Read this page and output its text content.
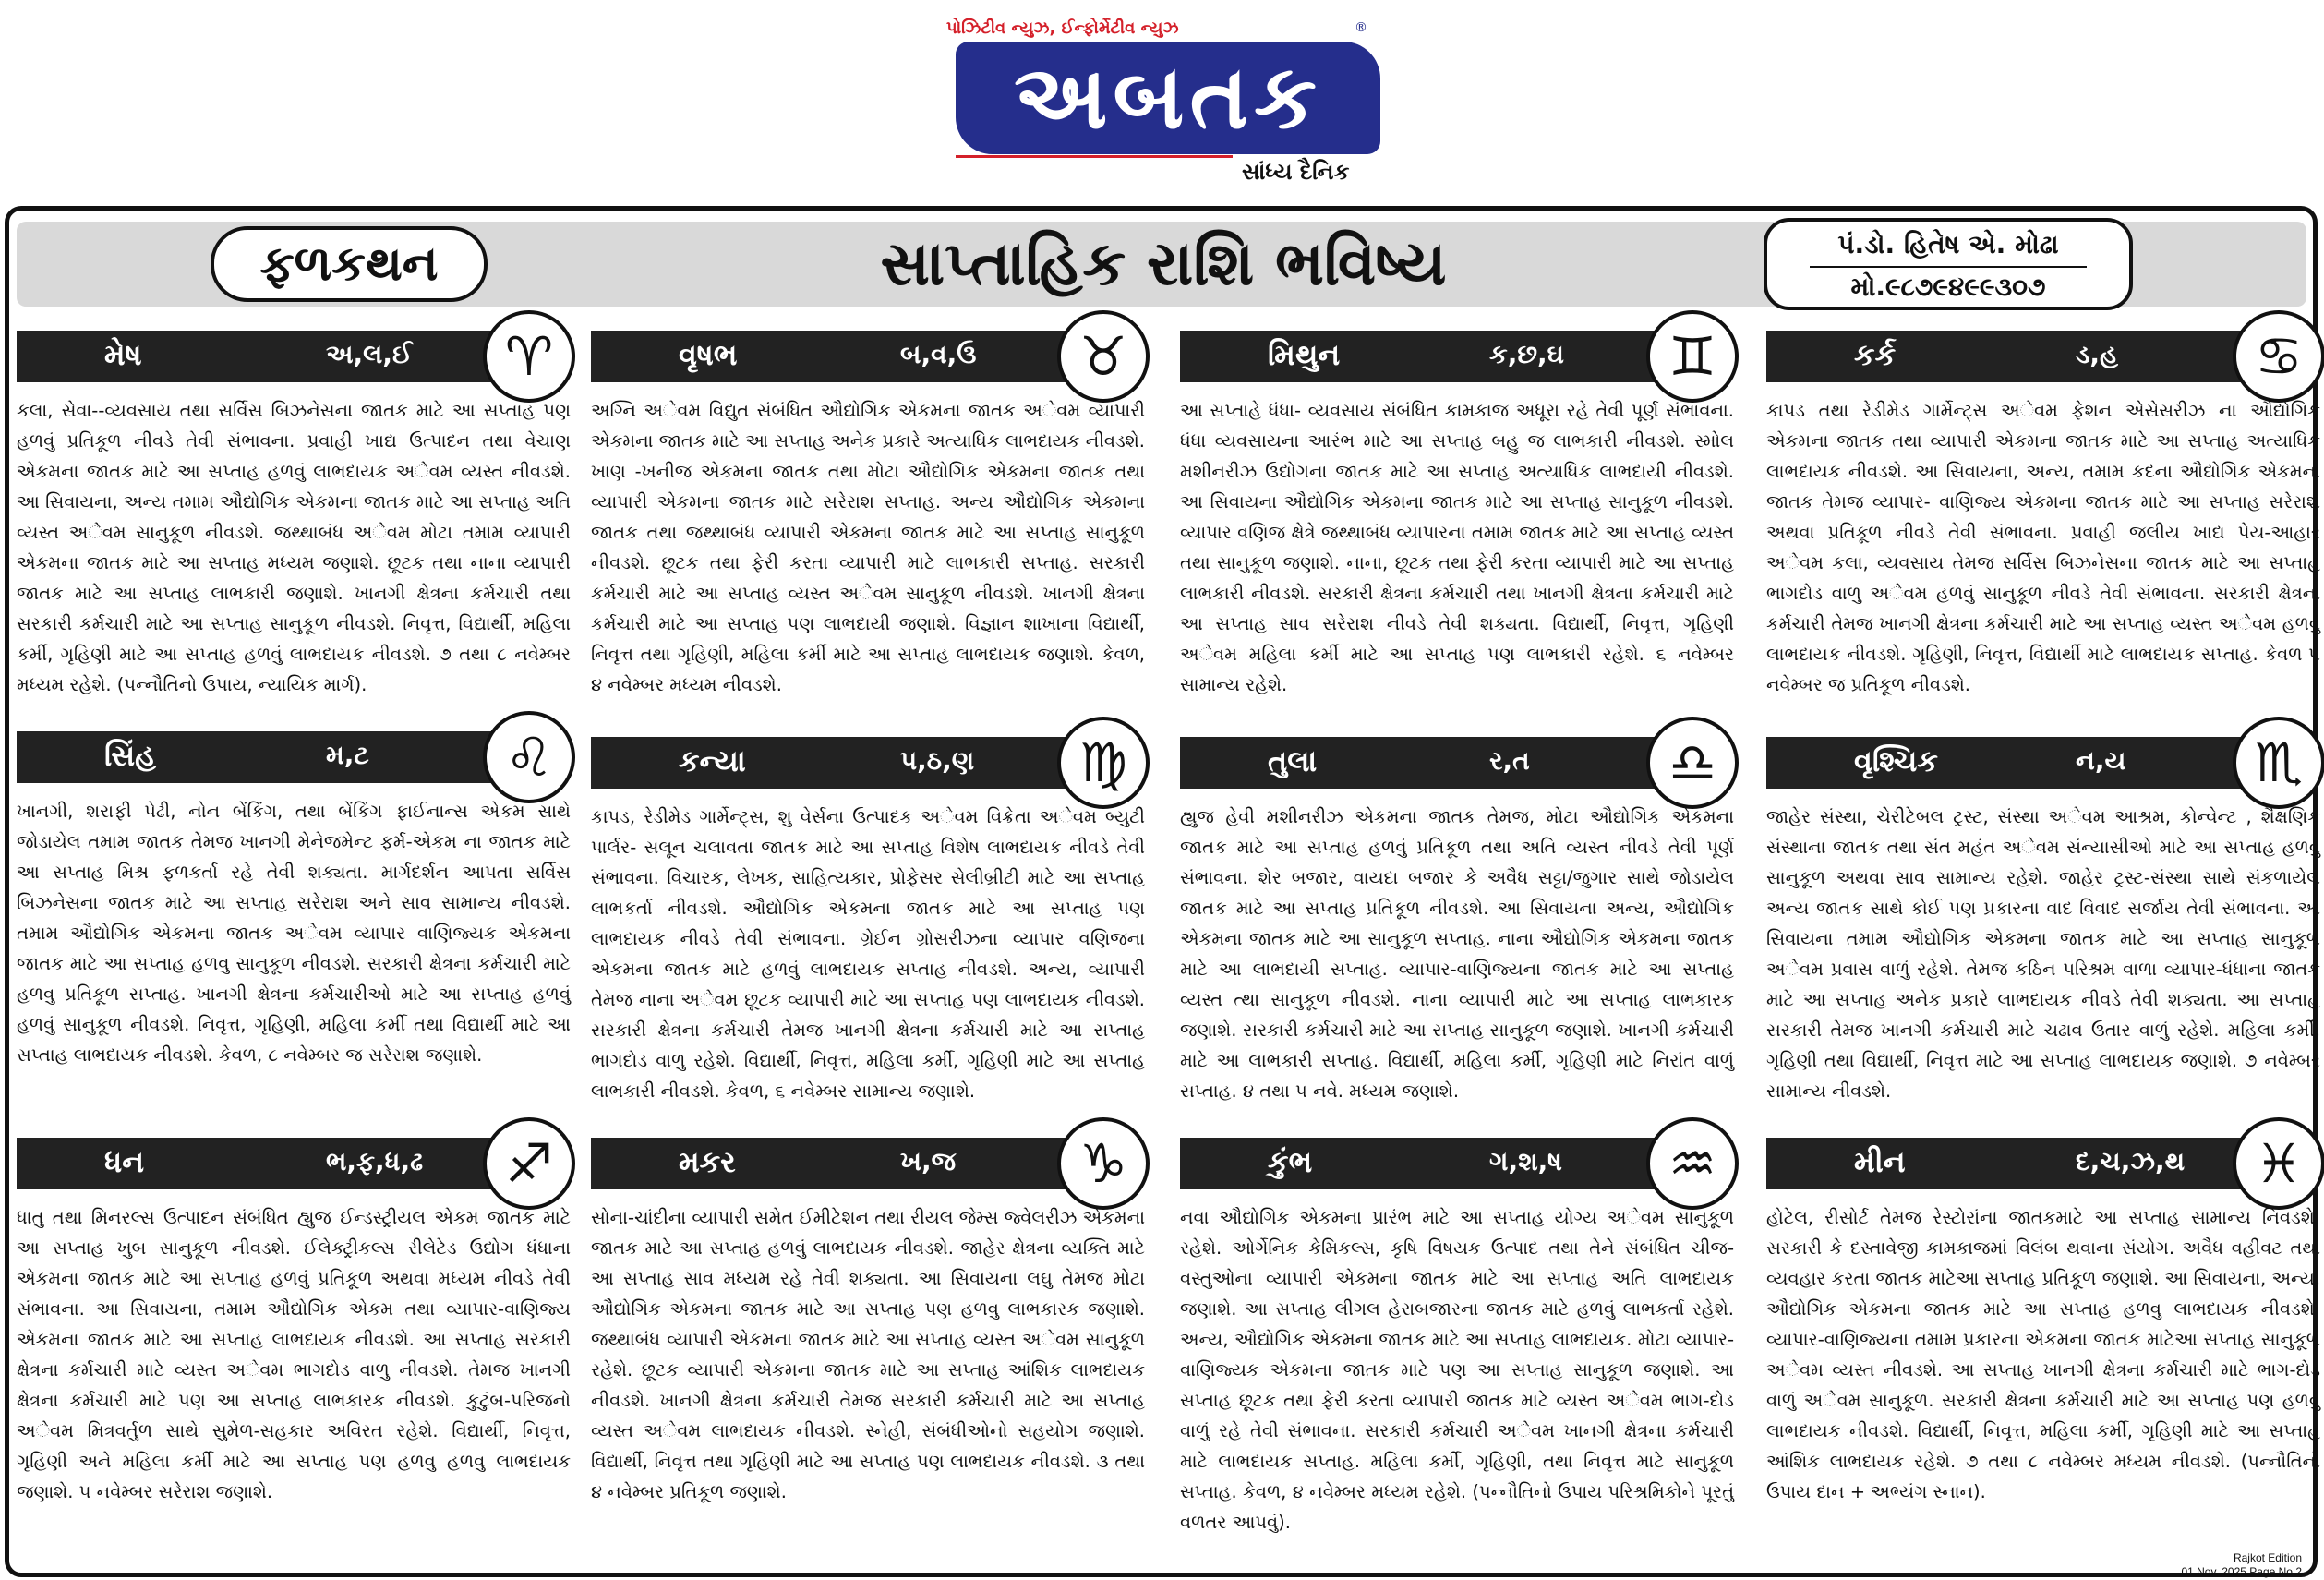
પોઝિટીવ ન્યુઝ, ઈન્ફોર્મેટીવ ન્યુઝ
અબતક
®
સાંધ્ય દૈનિક
ફળકથન	સાપ્તાહિક રાશિ ભવિષ્ય	પં.ડો. હિતેષ એ. મોઢા
મો.૯૮૭૯૪૯૯૩૦૭
મેષ	અ,લ,ઈ	♈

કલા, સેવા--વ્યવસાય તથા સર્વિસ બિઝનેસના જાતક માટે આ સપ્તાહ પણ હળવું પ્રતિકૂળ નીવડે તેવી સંભાવના. પ્રવાહી ખાદ્ય ઉત્પાદન તથા વેચાણ એકમના જાતક માટે આ સપ્તાહ હળવું લાભદાયક અેવમ વ્યસ્ત નીવડશે. આ સિવાયના, અન્ય તમામ ઔદ્યોગિક એકમના જાતક માટે આ સપ્તાહ અતિ વ્યસ્ત અેવમ સાનુકૂળ નીવડશે. જથ્થાબંધ અેવમ મોટા તમામ વ્યાપારી એકમના જાતક માટે આ સપ્તાહ મધ્યમ જણાશે. છૂટક તથા નાના વ્યાપારી જાતક માટે આ સપ્તાહ લાભકારી જણાશે. ખાનગી ક્ષેત્રના કર્મચારી તથા સરકારી કર્મચારી માટે આ સપ્તાહ સાનુકૂળ નીવડશે. નિવૃત્ત, વિદ્યાર્થી, મહિલા કર્મી, ગૃહિણી માટે આ સપ્તાહ હળવું લાભદાયક નીવડશે. ૭ તથા ૮ નવેમ્બર મધ્યમ રહેશે. (પન્નૌતિનો ઉપાય, ન્યાયિક માર્ગ).

વૃષભ	બ,વ,ઉ	♉

અગ્નિ અેવમ વિદ્યુત સંબંધિત ઔદ્યોગિક એકમના જાતક અેવમ વ્યાપારી એકમના જાતક માટે આ સપ્તાહ અનેક પ્રકારે અત્યાધિક લાભદાયક નીવડશે. ખાણ -ખનીજ એકમના જાતક તથા મોટા ઔદ્યોગિક એકમના જાતક તથા વ્યાપારી એકમના જાતક માટે સરેરાશ સપ્તાહ. અન્ય ઔદ્યોગિક એકમના જાતક તથા જથ્થાબંધ વ્યાપારી એકમના જાતક માટે આ સપ્તાહ સાનુકૂળ નીવડશે. છૂટક તથા ફેરી કરતા વ્યાપારી માટે લાભકારી સપ્તાહ. સરકારી કર્મચારી માટે આ સપ્તાહ વ્યસ્ત અેવમ સાનુકૂળ નીવડશે. ખાનગી ક્ષેત્રના કર્મચારી માટે આ સપ્તાહ પણ લાભદાયી જણાશે. વિજ્ઞાન શાખાના વિદ્યાર્થી, નિવૃત્ત તથા ગૃહિણી, મહિલા કર્મી માટે આ સપ્તાહ લાભદાયક જણાશે. કેવળ, ૪ નવેમ્બર મધ્યમ નીવડશે.

મિથુન	ક,છ,ઘ	♊

આ સપ્તાહે ધંધા- વ્યવસાય સંબંધિત કામકાજ અધૂરા રહે તેવી પૂર્ણ સંભાવના. ધંધા વ્યવસાયના આરંભ માટે આ સપ્તાહ બહુ જ લાભકારી નીવડશે. સ્મોલ મશીનરીઝ ઉદ્યોગના જાતક માટે આ સપ્તાહ અત્યાધિક લાભદાયી નીવડશે. આ સિવાયના ઔદ્યોગિક એકમના જાતક માટે આ સપ્તાહ સાનુકૂળ નીવડશે. વ્યાપાર વણિજ ક્ષેત્રે જથ્થાબંધ વ્યાપારના તમામ જાતક માટે આ સપ્તાહ વ્યસ્ત તથા સાનુકૂળ જણાશે. નાના, છૂટક તથા ફેરી કરતા વ્યાપારી માટે આ સપ્તાહ લાભકારી નીવડશે. સરકારી ક્ષેત્રના કર્મચારી તથા ખાનગી ક્ષેત્રના કર્મચારી માટે આ સપ્તાહ સાવ સરેરાશ નીવડે તેવી શક્યતા. વિદ્યાર્થી, નિવૃત્ત, ગૃહિણી અેવમ મહિલા કર્મી માટે આ સપ્તાહ પણ લાભકારી રહેશે. ૬ નવેમ્બર સામાન્ય રહેશે.

કર્ક	ડ,હ	♋

કાપડ તથા રેડીમેડ ગાર્મેન્ટ્સ અેવમ ફેશન એસેસરીઝ ના ઔદ્યોગિક એકમના જાતક તથા વ્યાપારી એકમના જાતક માટે આ સપ્તાહ અત્યાધિક લાભદાયક નીવડશે. આ સિવાયના, અન્ય, તમામ કદના ઔદ્યોગિક એકમના જાતક તેમજ વ્યાપાર- વાણિજ્ય એકમના જાતક માટે આ સપ્તાહ સરેરાશ અથવા પ્રતિકૂળ નીવડે તેવી સંભાવના. પ્રવાહી જલીય ખાદ્ય પેય-આહાર અેવમ કલા, વ્યવસાય તેમજ સર્વિસ બિઝનેસના જાતક માટે આ સપ્તાહ ભાગદોડ વાળુ અેવમ હળવું સાનુકૂળ નીવડે તેવી સંભાવના. સરકારી ક્ષેત્રના કર્મચારી તેમજ ખાનગી ક્ષેત્રના કર્મચારી માટે આ સપ્તાહ વ્યસ્ત અેવમ હળવું લાભદાયક નીવડશે. ગૃહિણી, નિવૃત્ત, વિદ્યાર્થી માટે લાભદાયક સપ્તાહ. કેવળ ૫ નવેમ્બર જ પ્રતિકૂળ નીવડશે.

સિંહ	મ,ટ	♌

ખાનગી, શરાફી પેઢી, નોન બેંકિંગ, તથા બેંકિંગ ફાઈનાન્સ એકમ સાથે જોડાયેલ તમામ જાતક તેમજ ખાનગી મેનેજમેન્ટ ફર્મ-એકમ ના જાતક માટે આ સપ્તાહ મિશ્ર ફળકર્તા રહે તેવી શક્યતા. માર્ગદર્શન આપતા સર્વિસ બિઝનેસના જાતક માટે આ સપ્તાહ સરેરાશ અને સાવ સામાન્ય નીવડશે. તમામ ઔદ્યોગિક એકમના જાતક અેવમ વ્યાપાર વાણિજ્યક એકમના જાતક માટે આ સપ્તાહ હળવુ સાનુકૂળ નીવડશે. સરકારી ક્ષેત્રના કર્મચારી માટે હળવુ પ્રતિકૂળ સપ્તાહ. ખાનગી ક્ષેત્રના કર્મચારીઓ માટે આ સપ્તાહ હળવું હળવું સાનુકૂળ નીવડશે. નિવૃત્ત, ગૃહિણી, મહિલા કર્મી તથા વિદ્યાર્થી માટે આ સપ્તાહ લાભદાયક નીવડશે. કેવળ, ૮ નવેમ્બર જ સરેરાશ જણાશે.

કન્યા	પ,ઠ,ણ	♍

કાપડ, રેડીમેડ ગાર્મેન્ટ્સ, શુ વેર્સના ઉત્પાદક અેવમ વિક્રેતા અેવમ બ્યુટી પાર્લર- સલૂન ચલાવતા જાતક માટે આ સપ્તાહ વિશેષ લાભદાયક નીવડે તેવી સંભાવના. વિચારક, લેખક, સાહિત્યકાર, પ્રોફેસર સેલીબ્રીટી માટે આ સપ્તાહ લાભકર્તા નીવડશે. ઔદ્યોગિક એકમના જાતક માટે આ સપ્તાહ પણ લાભદાયક નીવડે તેવી સંભાવના. ગ્રેઈન ગ્રોસરીઝના વ્યાપાર વણિજના એકમના જાતક માટે હળવું લાભદાયક સપ્તાહ નીવડશે. અન્ય, વ્યાપારી તેમજ નાના અેવમ છૂટક વ્યાપારી માટે આ સપ્તાહ પણ લાભદાયક નીવડશે. સરકારી ક્ષેત્રના કર્મચારી તેમજ ખાનગી ક્ષેત્રના કર્મચારી માટે આ સપ્તાહ ભાગદોડ વાળુ રહેશે. વિદ્યાર્થી, નિવૃત્ત, મહિલા કર્મી, ગૃહિણી માટે આ સપ્તાહ લાભકારી નીવડશે. કેવળ, ૬ નવેમ્બર સામાન્ય જણાશે.

તુલા	ર,ત	♎

હ્યુજ હેવી મશીનરીઝ એકમના જાતક તેમજ, મોટા ઔદ્યોગિક એકમના જાતક માટે આ સપ્તાહ હળવું પ્રતિકૂળ તથા અતિ વ્યસ્ત નીવડે તેવી પૂર્ણ સંભાવના. શેર બજાર, વાયદા બજાર કે અવૈધ સટ્ટા/જુગાર સાથે જોડાયેલ જાતક માટે આ સપ્તાહ પ્રતિકૂળ નીવડશે. આ સિવાયના અન્ય, ઔદ્યોગિક એકમના જાતક માટે આ સાનુકૂળ સપ્તાહ. નાના ઔદ્યોગિક એકમના જાતક માટે આ લાભદાયી સપ્તાહ. વ્યાપાર-વાણિજ્યના જાતક માટે આ સપ્તાહ વ્યસ્ત ત્થા સાનુકૂળ નીવડશે. નાના વ્યાપારી માટે આ સપ્તાહ લાભકારક જણાશે. સરકારી કર્મચારી માટે આ સપ્તાહ સાનુકૂળ જણાશે. ખાનગી કર્મચારી માટે આ લાભકારી સપ્તાહ. વિદ્યાર્થી, મહિલા કર્મી, ગૃહિણી માટે નિરાંત વાળું સપ્તાહ. ૪ તથા ૫ નવે. મધ્યમ જણાશે.

વૃશ્ચિક	ન,ય	♏

જાહેર સંસ્થા, ચેરીટેબલ ટ્રસ્ટ, સંસ્થા અેવમ આશ્રમ, કોન્વેન્ટ , શૈક્ષણિક સંસ્થાના જાતક તથા સંત મહંત અેવમ સંન્યાસીઓ માટે આ સપ્તાહ હળવુ સાનુકૂળ અથવા સાવ સામાન્ય રહેશે. જાહેર ટ્રસ્ટ-સંસ્થા સાથે સંકળાયેલ અન્ય જાતક સાથે કોઈ પણ પ્રકારના વાદ વિવાદ સર્જાય તેવી સંભાવના. આ સિવાયના તમામ ઔદ્યોગિક એકમના જાતક માટે આ સપ્તાહ સાનુકૂળ અેવમ પ્રવાસ વાળું રહેશે. તેમજ કઠિન પરિશ્રમ વાળા વ્યાપાર-ધંધાના જાતક માટે આ સપ્તાહ અનેક પ્રકારે લાભદાયક નીવડે તેવી શક્યતા. આ સપ્તાહ સરકારી તેમજ ખાનગી કર્મચારી માટે ચઢાવ ઉતાર વાળું રહેશે. મહિલા કર્મી, ગૃહિણી તથા વિદ્યાર્થી, નિવૃત્ત માટે આ સપ્તાહ લાભદાયક જણાશે. ૭ નવેમ્બર સામાન્ય નીવડશે.

ધન	ભ,ફ,ધ,ઢ	♐

ધાતુ તથા મિનરલ્સ ઉત્પાદન સંબંધિત હ્યુજ ઈન્ડસ્ટ્રીયલ એકમ જાતક માટે આ સપ્તાહ ખુબ સાનુકૂળ નીવડશે. ઈલેક્ટ્રીકલ્સ રીલેટેડ ઉદ્યોગ ધંધાના એકમના જાતક માટે આ સપ્તાહ હળવું પ્રતિકૂળ અથવા મધ્યમ નીવડે તેવી સંભાવના. આ સિવાયના, તમામ ઔદ્યોગિક એકમ તથા વ્યાપાર-વાણિજ્ય એકમના જાતક માટે આ સપ્તાહ લાભદાયક નીવડશે. આ સપ્તાહ સરકારી ક્ષેત્રના કર્મચારી માટે વ્યસ્ત અેવમ ભાગદોડ વાળુ નીવડશે. તેમજ ખાનગી ક્ષેત્રના કર્મચારી માટે પણ આ સપ્તાહ લાભકારક નીવડશે. કુટુંબ-પરિજનો અેવમ મિત્રવર્તુળ સાથે સુમેળ-સહકાર અવિરત રહેશે. વિદ્યાર્થી, નિવૃત્ત, ગૃહિણી અને મહિલા કર્મી માટે આ સપ્તાહ પણ હળવુ હળવુ લાભદાયક જણાશે. ૫ નવેમ્બર સરેરાશ જણાશે.

મકર	ખ,જ	♑

સોના-ચાંદીના વ્યાપારી સમેત ઈમીટેશન તથા રીયલ જેમ્સ જ્વેલરીઝ એકમના જાતક માટે આ સપ્તાહ હળવું લાભદાયક નીવડશે. જાહેર ક્ષેત્રના વ્યક્તિ માટે આ સપ્તાહ સાવ મધ્યમ રહે તેવી શક્યતા. આ સિવાયના લઘુ તેમજ મોટા ઔદ્યોગિક એકમના જાતક માટે આ સપ્તાહ પણ હળવુ લાભકારક જણાશે. જથ્થાબંધ વ્યાપારી એકમના જાતક માટે આ સપ્તાહ વ્યસ્ત અેવમ સાનુકૂળ રહેશે. છૂટક વ્યાપારી એકમના જાતક માટે આ સપ્તાહ આંશિક લાભદાયક નીવડશે. ખાનગી ક્ષેત્રના કર્મચારી તેમજ સરકારી કર્મચારી માટે આ સપ્તાહ વ્યસ્ત અેવમ લાભદાયક નીવડશે. સ્નેહી, સંબંધીઓનો સહયોગ જણાશે. વિદ્યાર્થી, નિવૃત્ત તથા ગૃહિણી માટે આ સપ્તાહ પણ લાભદાયક નીવડશે. ૩ તથા ૪ નવેમ્બર પ્રતિકૂળ જણાશે.

કુંભ	ગ,શ,ષ	♒

નવા ઔદ્યોગિક એકમના પ્રારંભ માટે આ સપ્તાહ યોગ્ય અેવમ સાનુકૂળ રહેશે. ઓર્ગેનિક કેમિકલ્સ, કૃષિ વિષયક ઉત્પાદ તથા તેને સંબંધિત ચીજ-વસ્તુઓના વ્યાપારી એકમના જાતક માટે આ સપ્તાહ અતિ લાભદાયક જણાશે. આ સપ્તાહ લીગલ હેરાબજારના જાતક માટે હળવું લાભકર્તા રહેશે. અન્ય, ઔદ્યોગિક એકમના જાતક માટે આ સપ્તાહ લાભદાયક. મોટા વ્યાપાર-વાણિજ્યક એકમના જાતક માટે પણ આ સપ્તાહ સાનુકૂળ જણાશે. આ સપ્તાહ છૂટક તથા ફેરી કરતા વ્યાપારી જાતક માટે વ્યસ્ત અેવમ ભાગ-દોડ વાળું રહે તેવી સંભાવના. સરકારી કર્મચારી અેવમ ખાનગી ક્ષેત્રના કર્મચારી માટે લાભદાયક સપ્તાહ. મહિલા કર્મી, ગૃહિણી, તથા નિવૃત્ત માટે સાનુકૂળ સપ્તાહ. કેવળ, ૪ નવેમ્બર મધ્યમ રહેશે. (પન્નૌતિનો ઉપાય પરિશ્રમિકોને પૂરતું વળતર આપવું).

મીન	દ,ચ,ઝ,થ	♓

હોટેલ, રીસોર્ટ તેમજ રેસ્ટોરાંના જાતકમાટે આ સપ્તાહ સામાન્ય નિવડશે. સરકારી કે દસ્તાવેજી કામકાજમાં વિલંબ થવાના સંયોગ. અવૈધ વહીવટ તથા વ્યવહાર કરતા જાતક માટેઆ સપ્તાહ પ્રતિકૂળ જણાશે. આ સિવાયના, અન્ય, ઔદ્યોગિક એકમના જાતક માટે આ સપ્તાહ હળવુ લાભદાયક નીવડશે. વ્યાપાર-વાણિજ્યના તમામ પ્રકારના એકમના જાતક માટેઆ સપ્તાહ સાનુકૂળ અેવમ વ્યસ્ત નીવડશે. આ સપ્તાહ ખાનગી ક્ષેત્રના કર્મચારી માટે ભાગ-દોડ વાળું અેવમ સાનુકૂળ. સરકારી ક્ષેત્રના કર્મચારી માટે આ સપ્તાહ પણ હળવું લાભદાયક નીવડશે. વિદ્યાર્થી, નિવૃત્ત, મહિલા કર્મી, ગૃહિણી માટે આ સપ્તાહ આંશિક લાભદાયક રહેશે. ૭ તથા ૮ નવેમ્બર મધ્યમ નીવડશે. (પન્નૌતિનો ઉપાય દાન + અભ્યંગ સ્નાન).

Rajkot Edition
01 Nov, 2025 Page No.2
